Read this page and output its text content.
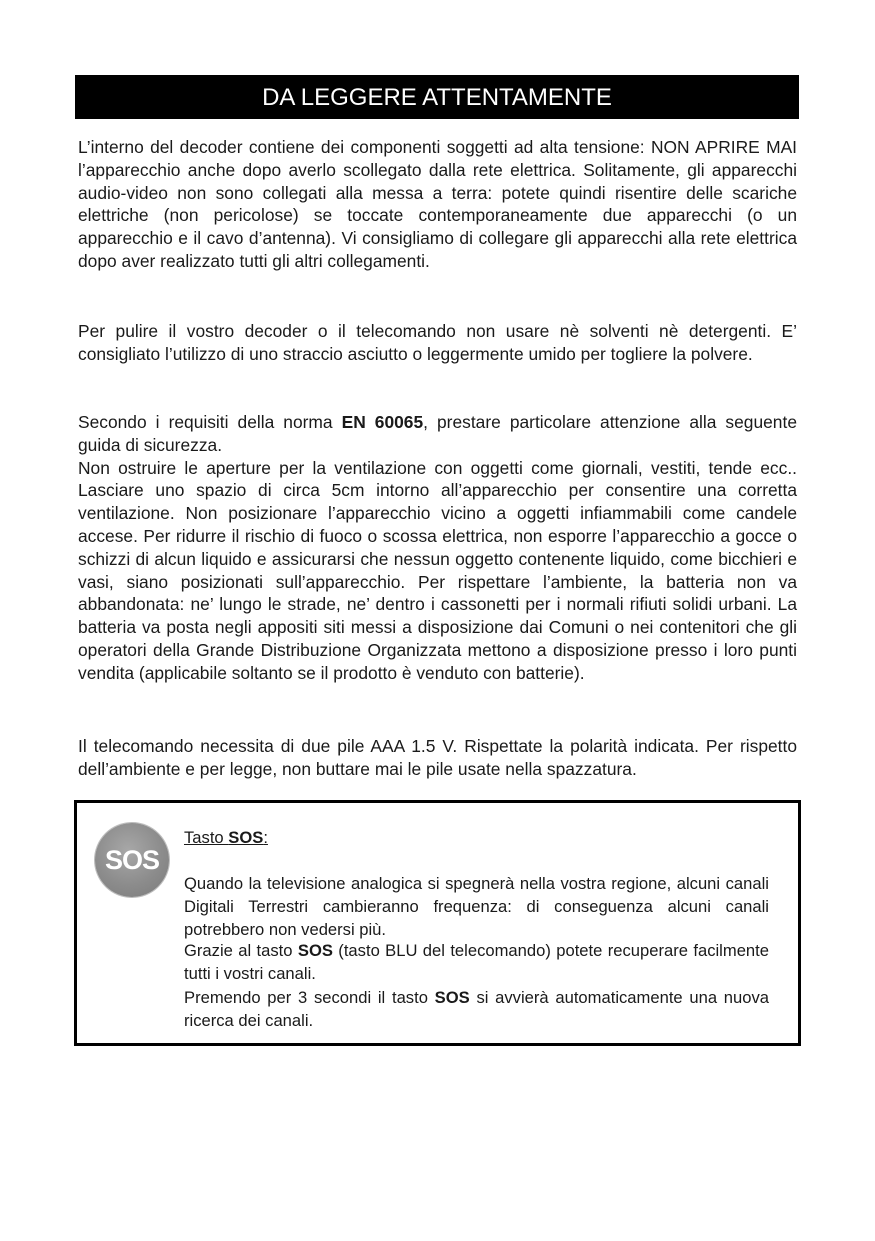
DA LEGGERE ATTENTAMENTE

L’interno del decoder contiene dei componenti soggetti ad alta tensione: NON APRIRE MAI l’apparecchio anche dopo averlo scollegato dalla rete elettrica. Solitamente, gli apparecchi audio-video non sono collegati alla messa a terra: potete quindi risentire delle scariche elettriche (non pericolose) se toccate contemporaneamente due apparecchi (o un apparecchio e il cavo d’antenna). Vi consigliamo di collegare gli apparecchi alla rete elettrica dopo aver realizzato tutti gli altri collegamenti.

Per pulire il vostro decoder o il telecomando non usare nè solventi nè detergenti. E’ consigliato l’utilizzo di uno straccio asciutto o leggermente umido per togliere la polvere.

Secondo i requisiti della norma EN 60065, prestare particolare attenzione alla seguente guida di sicurezza.
Non ostruire le aperture per la ventilazione con oggetti come giornali, vestiti, tende ecc.. Lasciare uno spazio di circa 5cm intorno all’apparecchio per consentire una corretta ventilazione. Non posizionare l’apparecchio vicino a oggetti infiammabili come candele accese. Per ridurre il rischio di fuoco o scossa elettrica, non esporre l’apparecchio a gocce o schizzi di alcun liquido e assicurarsi che nessun oggetto contenente liquido, come bicchieri e vasi, siano posizionati sull’apparecchio. Per rispettare l’ambiente, la batteria non va abbandonata: ne’ lungo le strade, ne’ dentro i cassonetti per i normali rifiuti solidi urbani. La batteria va posta negli appositi siti messi a disposizione dai Comuni o nei contenitori che gli operatori della Grande Distribuzione Organizzata mettono a disposizione presso i loro punti vendita (applicabile soltanto se il prodotto è venduto con batterie).

Il telecomando necessita di due pile AAA 1.5 V. Rispettate la polarità indicata. Per rispetto dell’ambiente e per legge, non buttare mai le pile usate nella spazzatura.

SOS

Tasto SOS:

Quando la televisione analogica si spegnerà nella vostra regione, alcuni canali Digitali Terrestri cambieranno frequenza: di conseguenza alcuni canali potrebbero non vedersi più.

Grazie al tasto SOS (tasto BLU del telecomando) potete recuperare facilmente tutti i vostri canali.

Premendo per 3 secondi il tasto SOS si avvierà automaticamente una nuova ricerca dei canali.
